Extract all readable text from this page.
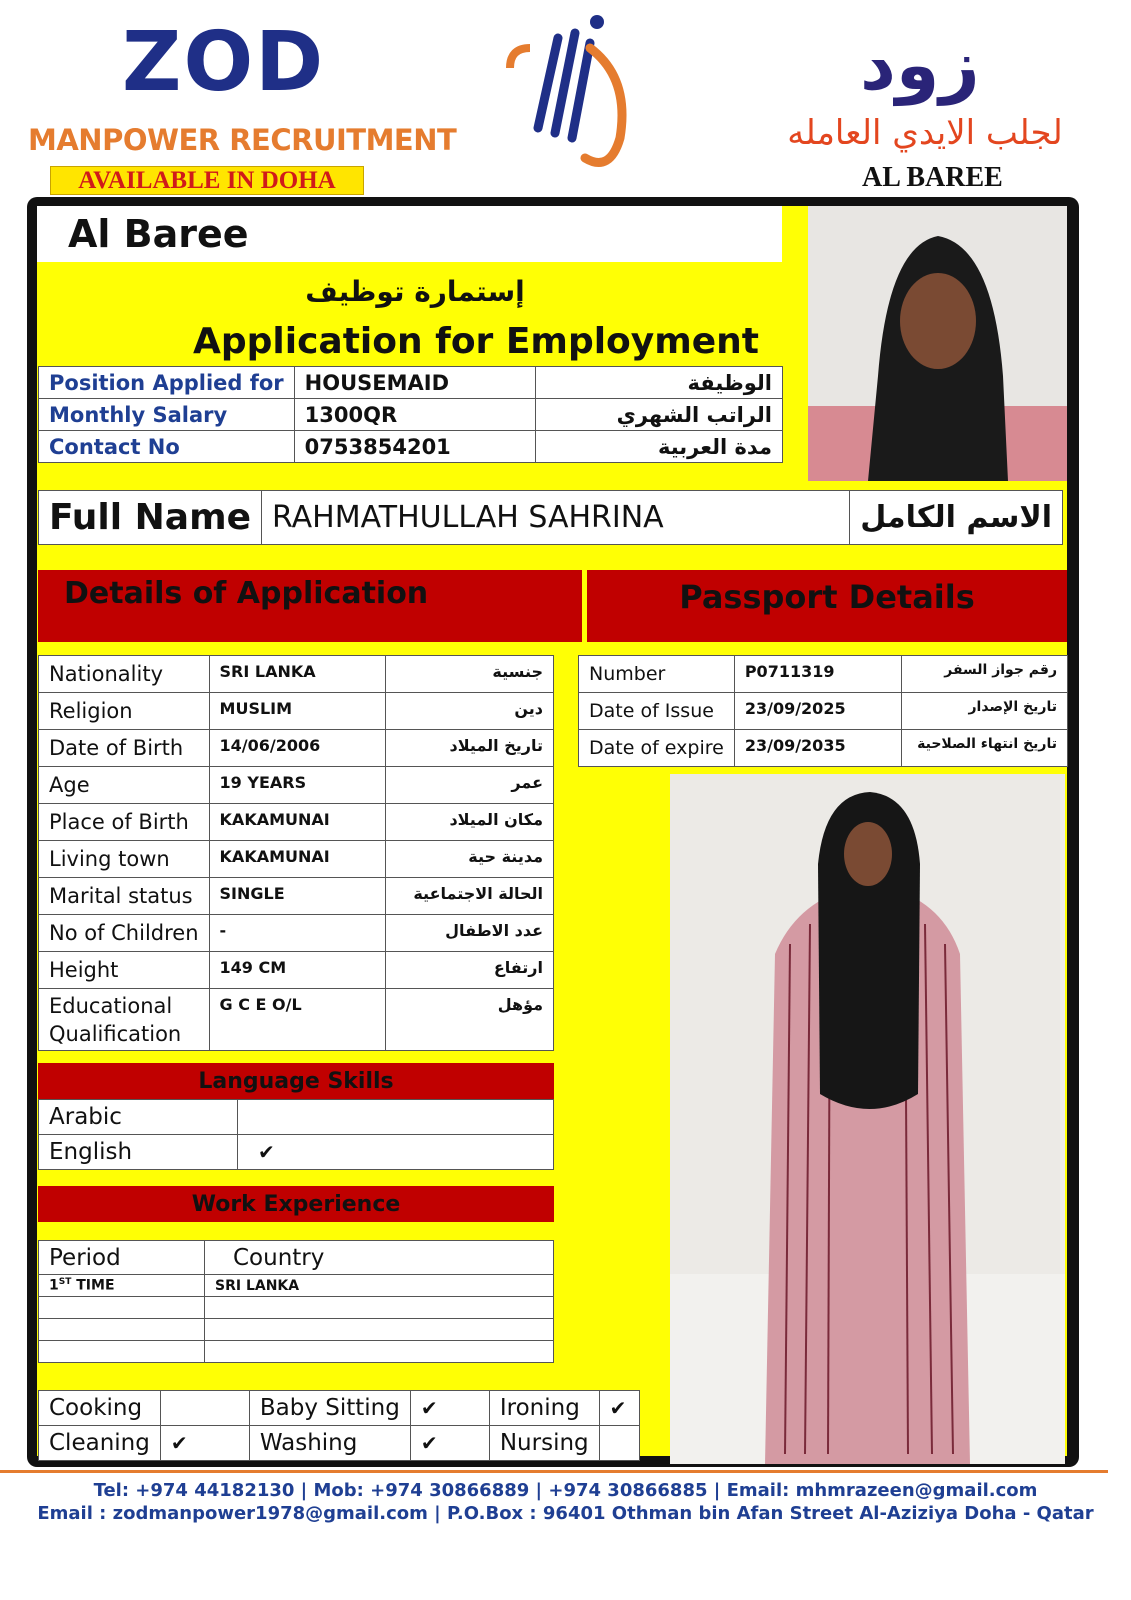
ZOD
MANPOWER RECRUITMENT
AVAILABLE IN DOHA
زود
لجلب الايدي العامله
AL BAREE
Al Baree
إستمارة توظيف
Application for Employment
Position Applied for	HOUSEMAID	الوظيفة
Monthly Salary	1300QR	الراتب الشهري
Contact No	0753854201	مدة العربية
Full Name	RAHMATHULLAH SAHRINA	الاسم الكامل
Details of Application	Passport Details
Nationality	SRI LANKA	جنسية
Religion	MUSLIM	دين
Date of Birth	14/06/2006	تاريخ الميلاد
Age	19 YEARS	عمر
Place of Birth	KAKAMUNAI	مكان الميلاد
Living town	KAKAMUNAI	مدينة حية
Marital status	SINGLE	الحالة الاجتماعية
No of Children	-	عدد الاطفال
Height	149 CM	ارتفاع
Educational
Qualification	G C E O/L	مؤهل
Number	P0711319	رقم جواز السفر
Date of Issue	23/09/2025	تاريخ الإصدار
Date of expire	23/09/2035	تاريخ انتهاء الصلاحية
Language Skills
Arabic	
English	✔
Work Experience
Period	Country
1ST TIME	SRI LANKA

Cooking		Baby Sitting	✔	Ironing	✔
Cleaning	✔	Washing	✔	Nursing	
Tel: +974 44182130 | Mob: +974 30866889 | +974 30866885 | Email: mhmrazeen@gmail.com
Email : zodmanpower1978@gmail.com | P.O.Box : 96401 Othman bin Afan Street Al-Aziziya Doha - Qatar
